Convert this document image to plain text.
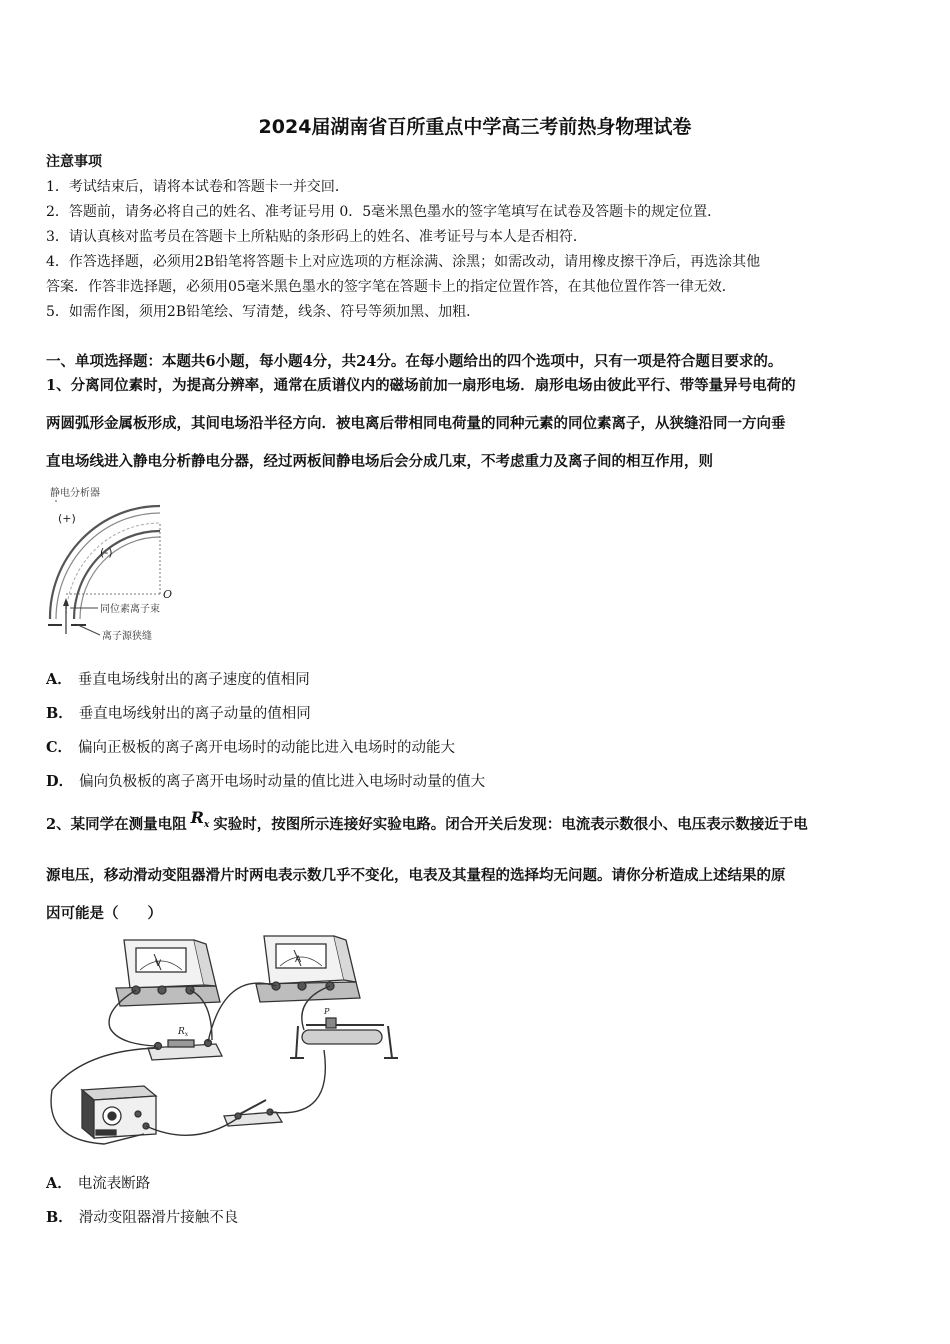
2024届湖南省百所重点中学高三考前热身物理试卷
注意事项
1．考试结束后，请将本试卷和答题卡一并交回．
2．答题前，请务必将自己的姓名、准考证号用 0．5毫米黑色墨水的签字笔填写在试卷及答题卡的规定位置．
3．请认真核对监考员在答题卡上所粘贴的条形码上的姓名、准考证号与本人是否相符．
4．作答选择题，必须用2B铅笔将答题卡上对应选项的方框涂满、涂黑；如需改动，请用橡皮擦干净后，再选涂其他
答案．作答非选择题，必须用05毫米黑色墨水的签字笔在答题卡上的指定位置作答，在其他位置作答一律无效．
5．如需作图，须用2B铅笔绘、写清楚，线条、符号等须加黑、加粗．
一、单项选择题：本题共6小题，每小题4分，共24分。在每小题给出的四个选项中，只有一项是符合题目要求的。
1、分离同位素时，为提高分辨率，通常在质谱仪内的磁场前加一扇形电场．扇形电场由彼此平行、带等量异号电荷的
两圆弧形金属板形成，其间电场沿半径方向．被电离后带相同电荷量的同种元素的同位素离子，从狭缝沿同一方向垂
直电场线进入静电分析静电分器，经过两板间静电场后会分成几束，不考虑重力及离子间的相互作用，则
静电分析器
(+)
(-)
O
同位素离子束
离子源狭缝
A． 垂直电场线射出的离子速度的值相同
B． 垂直电场线射出的离子动量的值相同
C． 偏向正极板的离子离开电场时的动能比进入电场时的动能大
D． 偏向负极板的离子离开电场时动量的值比进入电场时动量的值大
2、某同学在测量电阻 $R_x$ 实验时，按图所示连接好实验电路。闭合开关后发现：电流表示数很小、电压表示数接近于电
源电压，移动滑动变阻器滑片时两电表示数几乎不变化，电表及其量程的选择均无问题。请你分析造成上述结果的原
因可能是（　　）
V	A
$R_x$
P
A． 电流表断路
B． 滑动变阻器滑片接触不良
